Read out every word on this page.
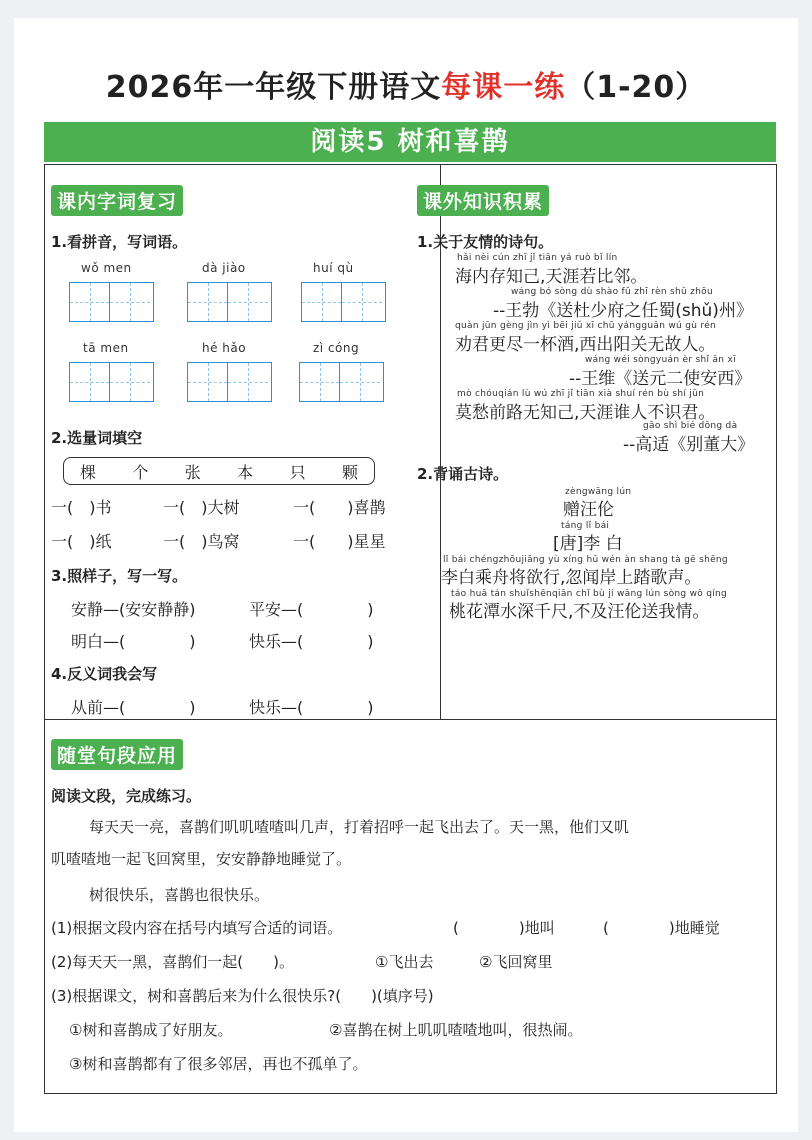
2026年一年级下册语文每课一练（1-20）
阅读5 树和喜鹊
课内字词复习
1.看拼音，写词语。
wǒ men	dà jiào	huí qù
tā men	hé hǎo	zì cóng
2.选量词填空
棵 个 张 本 只 颗
一(　)书	一(　)大树	一(　　)喜鹊
一(　)纸	一(　)鸟窝	一(　　)星星
3.照样子，写一写。
安静—(安安静静)	平安—(　　　　)
明白—(　　　　)	快乐—(　　　　)
4.反义词我会写
从前—(　　　　)	快乐—(　　　　)
课外知识积累
1.关于友情的诗句。
hǎi nèi cún zhī jǐ tiān yá ruò bǐ lín
海内存知己,天涯若比邻。
wáng bó sòng dù shào fǔ zhī rèn shǔ zhōu
--王勃《送杜少府之任蜀(shǔ)州》
quàn jūn gèng jìn yì bēi jiǔ xī chū yángguān wú gù rén
劝君更尽一杯酒,西出阳关无故人。
wáng wéi sòngyuán èr shǐ ān xī
--王维《送元二使安西》
mò chóuqián lù wú zhī jǐ tiān xià shuí rén bù shí jūn
莫愁前路无知己,天涯谁人不识君。
gāo shì bié dǒng dà
--高适《别董大》
2.背诵古诗。
zèngwāng lún
赠汪伦
táng lǐ bái
[唐]李 白
lǐ bái chéngzhōujiāng yù xíng hū wén àn shang tà gē shēng
李白乘舟将欲行,忽闻岸上踏歌声。
táo huā tán shuǐshēnqiān chǐ bù jí wāng lún sòng wǒ qíng
桃花潭水深千尺,不及汪伦送我情。
随堂句段应用
阅读文段，完成练习。
每天天一亮，喜鹊们叽叽喳喳叫几声，打着招呼一起飞出去了。天一黑，他们又叽
叽喳喳地一起飞回窝里，安安静静地睡觉了。
树很快乐，喜鹊也很快乐。
(1)根据文段内容在括号内填写合适的词语。	(　　　　)地叫	(　　　　)地睡觉
(2)每天天一黑，喜鹊们一起(　　)。	①飞出去	②飞回窝里
(3)根据课文，树和喜鹊后来为什么很快乐?(　　)(填序号)
①树和喜鹊成了好朋友。	②喜鹊在树上叽叽喳喳地叫，很热闹。
③树和喜鹊都有了很多邻居，再也不孤单了。
